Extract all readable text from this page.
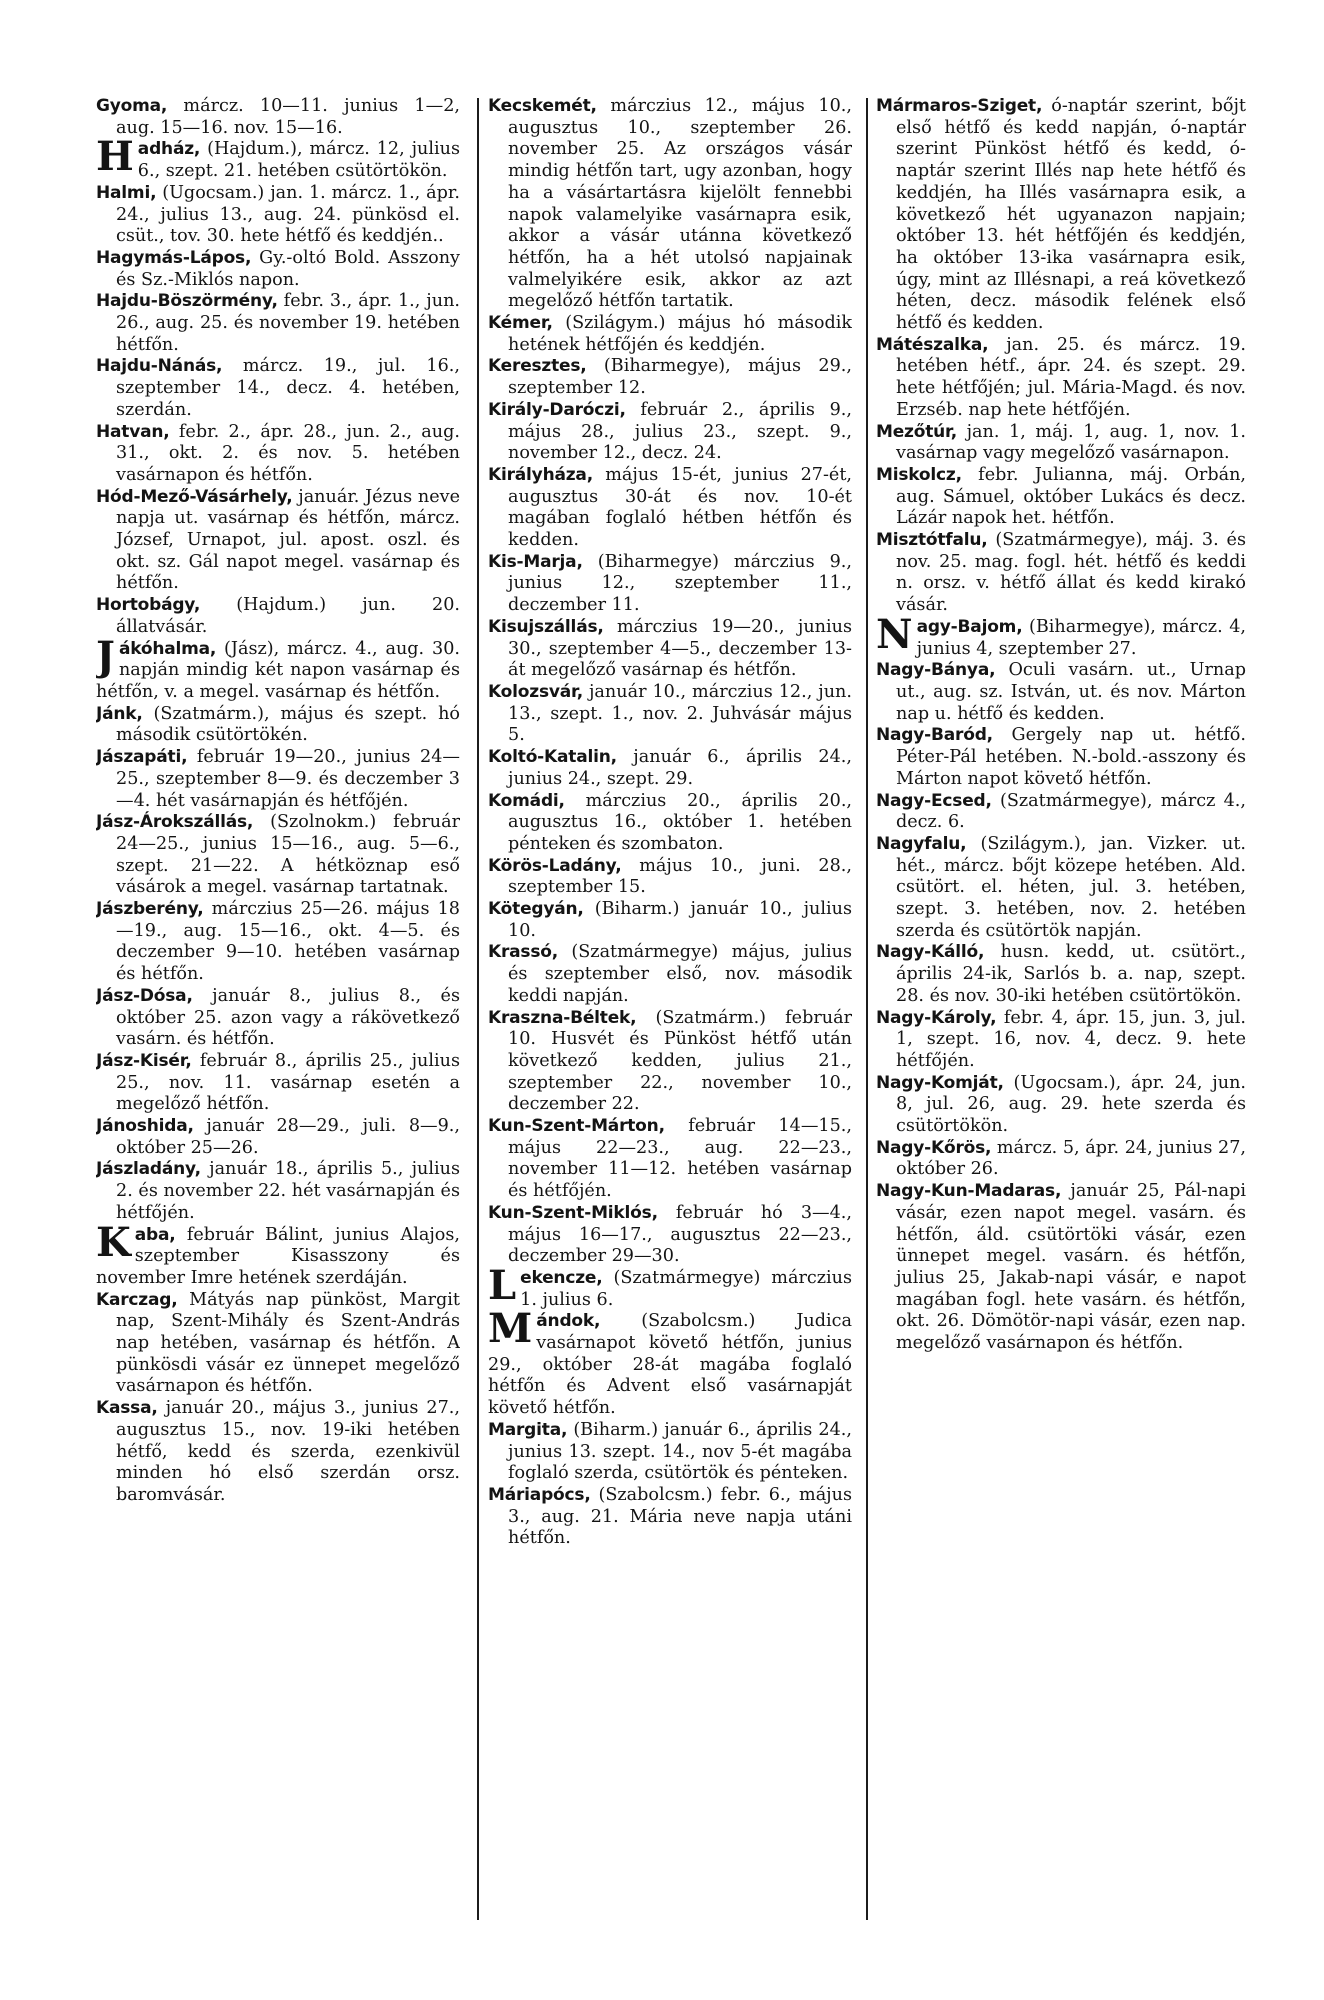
Gyoma, márcz. 10—11. junius 1—2, aug. 15—16. nov. 15—16.

Hadház, (Hajdum.), márcz. 12, julius 6., szept. 21. hetében csütörtökön.

Halmi, (Ugocsam.) jan. 1. márcz. 1., ápr. 24., julius 13., aug. 24. pünkösd el. csüt., tov. 30. hete hétfő és keddjén..

Hagymás-Lápos, Gy.-oltó Bold. Asszony és Sz.-Miklós napon.

Hajdu-Böszörmény, febr. 3., ápr. 1., jun. 26., aug. 25. és november 19. hetében hétfőn.

Hajdu-Nánás, márcz. 19., jul. 16., szeptember 14., decz. 4. hetében, szerdán.

Hatvan, febr. 2., ápr. 28., jun. 2., aug. 31., okt. 2. és nov. 5. hetében vasárnapon és hétfőn.

Hód-Mező-Vásárhely, január. Jézus neve napja ut. vasárnap és hétfőn, márcz. József, Urnapot, jul. apost. oszl. és okt. sz. Gál napot megel. vasárnap és hétfőn.

Hortobágy, (Hajdum.) jun. 20. állatvásár.

Jákóhalma, (Jász), márcz. 4., aug. 30. napján mindig két napon vasárnap és hétfőn, v. a megel. vasárnap és hétfőn.

Jánk, (Szatmárm.), május és szept. hó második csütörtökén.

Jászapáti, február 19—20., junius 24—25., szeptember 8—9. és deczember 3—4. hét vasárnapján és hétfőjén.

Jász-Árokszállás, (Szolnokm.) február 24—25., junius 15—16., aug. 5—6., szept. 21—22. A hétköznap eső vásárok a megel. vasárnap tartatnak.

Jászberény, márczius 25—26. május 18—19., aug. 15—16., okt. 4—5. és deczember 9—10. hetében vasárnap és hétfőn.

Jász-Dósa, január 8., julius 8., és október 25. azon vagy a rákövetkező vasárn. és hétfőn.

Jász-Kisér, február 8., április 25., julius 25., nov. 11. vasárnap esetén a megelőző hétfőn.

Jánoshida, január 28—29., juli. 8—9., október 25—26.

Jászladány, január 18., április 5., julius 2. és november 22. hét vasárnapján és hétfőjén.

Kaba, február Bálint, junius Alajos, szeptember Kisasszony és november Imre hetének szerdáján.

Karczag, Mátyás nap pünköst, Margit nap, Szent-Mihály és Szent-András nap hetében, vasárnap és hétfőn. A pünkösdi vásár ez ünnepet megelőző vasárnapon és hétfőn.

Kassa, január 20., május 3., junius 27., augusztus 15., nov. 19-iki hetében hétfő, kedd és szerda, ezenkivül minden hó első szerdán orsz. baromvásár.

Kecskemét, márczius 12., május 10., augusztus 10., szeptember 26. november 25. Az országos vásár mindig hétfőn tart, ugy azonban, hogy ha a vásártartásra kijelölt fennebbi napok valamelyike vasárnapra esik, akkor a vásár utánna következő hétfőn, ha a hét utolsó napjainak valmelyikére esik, akkor az azt megelőző hétfőn tartatik.

Kémer, (Szilágym.) május hó második hetének hétfőjén és keddjén.

Keresztes, (Biharmegye), május 29., szeptember 12.

Király-Daróczi, február 2., április 9., május 28., julius 23., szept. 9., november 12., decz. 24.

Királyháza, május 15-ét, junius 27-ét, augusztus 30-át és nov. 10-ét magában foglaló hétben hétfőn és kedden.

Kis-Marja, (Biharmegye) márczius 9., junius 12., szeptember 11., deczember 11.

Kisujszállás, márczius 19—20., junius 30., szeptember 4—5., deczember 13-át megelőző vasárnap és hétfőn.

Kolozsvár, január 10., márczius 12., jun. 13., szept. 1., nov. 2. Juhvásár május 5.

Koltó-Katalin, január 6., április 24., junius 24., szept. 29.

Komádi, márczius 20., április 20., augusztus 16., október 1. hetében pénteken és szombaton.

Körös-Ladány, május 10., juni. 28., szeptember 15.

Kötegyán, (Biharm.) január 10., julius 10.

Krassó, (Szatmármegye) május, julius és szeptember első, nov. második keddi napján.

Kraszna-Béltek, (Szatmárm.) február 10. Husvét és Pünköst hétfő után következő kedden, julius 21., szeptember 22., november 10., deczember 22.

Kun-Szent-Márton, február 14—15., május 22—23., aug. 22—23., november 11—12. hetében vasárnap és hétfőjén.

Kun-Szent-Miklós, február hó 3—4., május 16—17., augusztus 22—23., deczember 29—30.

Lekencze, (Szatmármegye) márczius 1. julius 6.

Mándok, (Szabolcsm.) Judica vasárnapot követő hétfőn, junius 29., október 28-át magába foglaló hétfőn és Advent első vasárnapját követő hétfőn.

Margita, (Biharm.) január 6., április 24., junius 13. szept. 14., nov 5-ét magába foglaló szerda, csütörtök és pénteken.

Máriapócs, (Szabolcsm.) febr. 6., május 3., aug. 21. Mária neve napja utáni hétfőn.

Mármaros-Sziget, ó-naptár szerint, bőjt első hétfő és kedd napján, ó-naptár szerint Pünköst hétfő és kedd, ó-naptár szerint Illés nap hete hétfő és keddjén, ha Illés vasárnapra esik, a következő hét ugyanazon napjain; október 13. hét hétfőjén és keddjén, ha október 13-ika vasárnapra esik, úgy, mint az Illésnapi, a reá következő héten, decz. második felének első hétfő és kedden.

Mátészalka, jan. 25. és márcz. 19. hetében hétf., ápr. 24. és szept. 29. hete hétfőjén; jul. Mária-Magd. és nov. Erzséb. nap hete hétfőjén.

Mezőtúr, jan. 1, máj. 1, aug. 1, nov. 1. vasárnap vagy megelőző vasárnapon.

Miskolcz, febr. Julianna, máj. Orbán, aug. Sámuel, október Lukács és decz. Lázár napok het. hétfőn.

Misztótfalu, (Szatmármegye), máj. 3. és nov. 25. mag. fogl. hét. hétfő és keddi n. orsz. v. hétfő állat és kedd kirakó vásár.

Nagy-Bajom, (Biharmegye), márcz. 4, junius 4, szeptember 27.

Nagy-Bánya, Oculi vasárn. ut., Urnap ut., aug. sz. István, ut. és nov. Márton nap u. hétfő és kedden.

Nagy-Baród, Gergely nap ut. hétfő. Péter-Pál hetében. N.-bold.-asszony és Márton napot követő hétfőn.

Nagy-Ecsed, (Szatmármegye), márcz 4., decz. 6.

Nagyfalu, (Szilágym.), jan. Vizker. ut. hét., márcz. bőjt közepe hetében. Ald. csütört. el. héten, jul. 3. hetében, szept. 3. hetében, nov. 2. hetében szerda és csütörtök napján.

Nagy-Kálló, husn. kedd, ut. csütört., április 24-ik, Sarlós b. a. nap, szept. 28. és nov. 30-iki hetében csütörtökön.

Nagy-Károly, febr. 4, ápr. 15, jun. 3, jul. 1, szept. 16, nov. 4, decz. 9. hete hétfőjén.

Nagy-Komját, (Ugocsam.), ápr. 24, jun. 8, jul. 26, aug. 29. hete szerda és csütörtökön.

Nagy-Kőrös, márcz. 5, ápr. 24, junius 27, október 26.

Nagy-Kun-Madaras, január 25, Pál-napi vásár, ezen napot megel. vasárn. és hétfőn, áld. csütörtöki vásár, ezen ünnepet megel. vasárn. és hétfőn, julius 25, Jakab-napi vásár, e napot magában fogl. hete vasárn. és hétfőn, okt. 26. Dömötör-napi vásár, ezen nap. megelőző vasárnapon és hétfőn.
